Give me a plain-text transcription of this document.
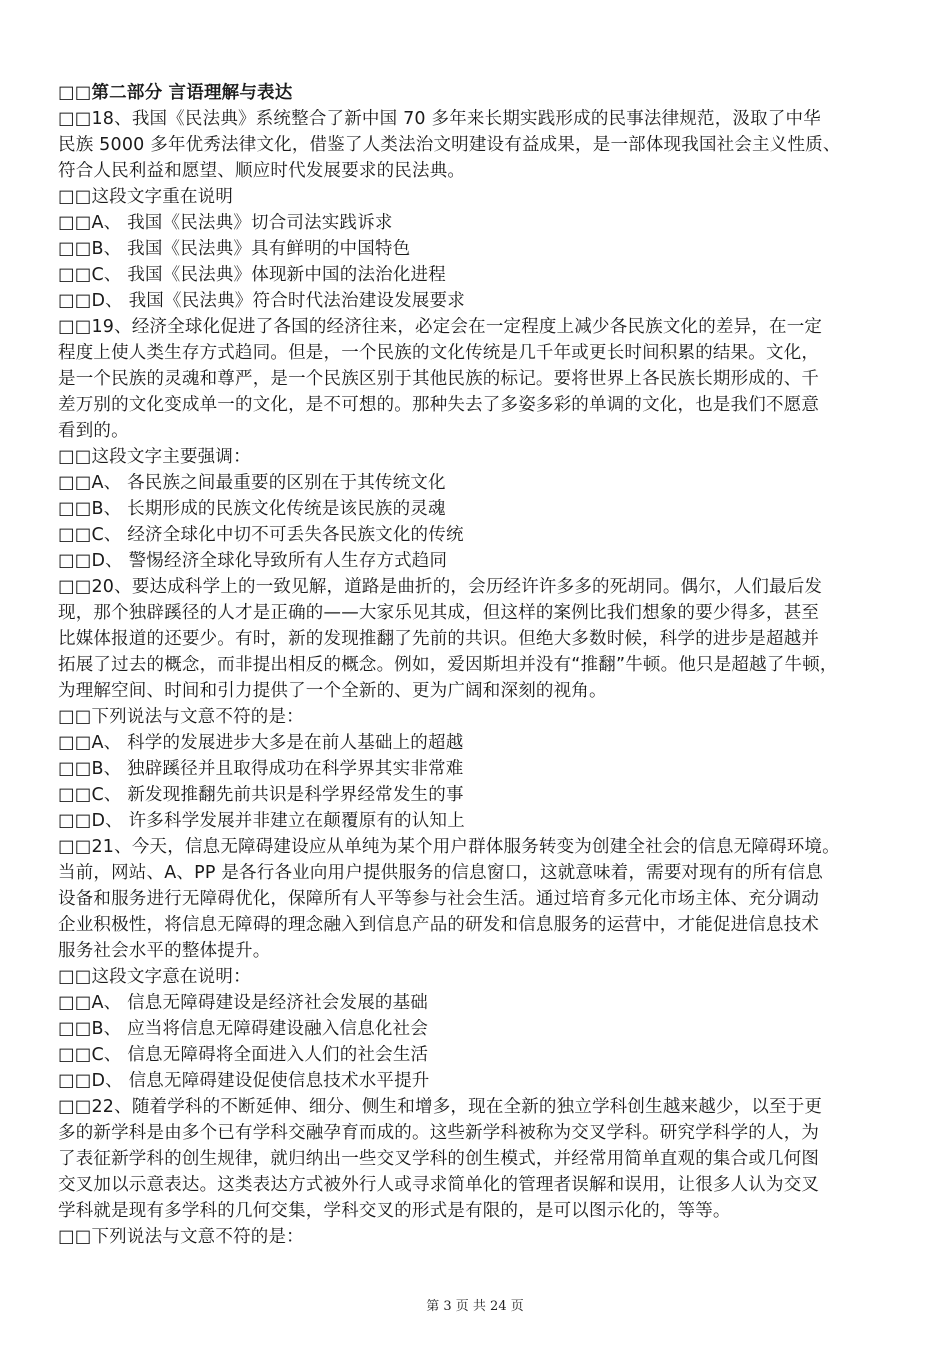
□□第二部分 言语理解与表达
□□18、我国《民法典》系统整合了新中国 70 多年来长期实践形成的民事法律规范，汲取了中华
民族 5000 多年优秀法律文化，借鉴了人类法治文明建设有益成果，是一部体现我国社会主义性质、
符合人民利益和愿望、顺应时代发展要求的民法典。
□□这段文字重在说明
□□A、 我国《民法典》切合司法实践诉求
□□B、 我国《民法典》具有鲜明的中国特色
□□C、 我国《民法典》体现新中国的法治化进程
□□D、 我国《民法典》符合时代法治建设发展要求
□□19、经济全球化促进了各国的经济往来，必定会在一定程度上减少各民族文化的差异，在一定
程度上使人类生存方式趋同。但是，一个民族的文化传统是几千年或更长时间积累的结果。文化，
是一个民族的灵魂和尊严，是一个民族区别于其他民族的标记。要将世界上各民族长期形成的、千
差万别的文化变成单一的文化，是不可想的。那种失去了多姿多彩的单调的文化，也是我们不愿意
看到的。
□□这段文字主要强调：
□□A、 各民族之间最重要的区别在于其传统文化
□□B、 长期形成的民族文化传统是该民族的灵魂
□□C、 经济全球化中切不可丢失各民族文化的传统
□□D、 警惕经济全球化导致所有人生存方式趋同
□□20、要达成科学上的一致见解，道路是曲折的，会历经许许多多的死胡同。偶尔，人们最后发
现，那个独辟蹊径的人才是正确的——大家乐见其成，但这样的案例比我们想象的要少得多，甚至
比媒体报道的还要少。有时，新的发现推翻了先前的共识。但绝大多数时候，科学的进步是超越并
拓展了过去的概念，而非提出相反的概念。例如，爱因斯坦并没有“推翻”牛顿。他只是超越了牛顿，
为理解空间、时间和引力提供了一个全新的、更为广阔和深刻的视角。
□□下列说法与文意不符的是：
□□A、 科学的发展进步大多是在前人基础上的超越
□□B、 独辟蹊径并且取得成功在科学界其实非常难
□□C、 新发现推翻先前共识是科学界经常发生的事
□□D、 许多科学发展并非建立在颠覆原有的认知上
□□21、今天，信息无障碍建设应从单纯为某个用户群体服务转变为创建全社会的信息无障碍环境。
当前，网站、A、PP 是各行各业向用户提供服务的信息窗口，这就意味着，需要对现有的所有信息
设备和服务进行无障碍优化，保障所有人平等参与社会生活。通过培育多元化市场主体、充分调动
企业积极性，将信息无障碍的理念融入到信息产品的研发和信息服务的运营中，才能促进信息技术
服务社会水平的整体提升。
□□这段文字意在说明：
□□A、 信息无障碍建设是经济社会发展的基础
□□B、 应当将信息无障碍建设融入信息化社会
□□C、 信息无障碍将全面进入人们的社会生活
□□D、 信息无障碍建设促使信息技术水平提升
□□22、随着学科的不断延伸、细分、侧生和增多，现在全新的独立学科创生越来越少，以至于更
多的新学科是由多个已有学科交融孕育而成的。这些新学科被称为交叉学科。研究学科学的人，为
了表征新学科的创生规律，就归纳出一些交叉学科的创生模式，并经常用简单直观的集合或几何图
交叉加以示意表达。这类表达方式被外行人或寻求简单化的管理者误解和误用，让很多人认为交叉
学科就是现有多学科的几何交集，学科交叉的形式是有限的，是可以图示化的，等等。
□□下列说法与文意不符的是：
第 3 页 共 24 页
